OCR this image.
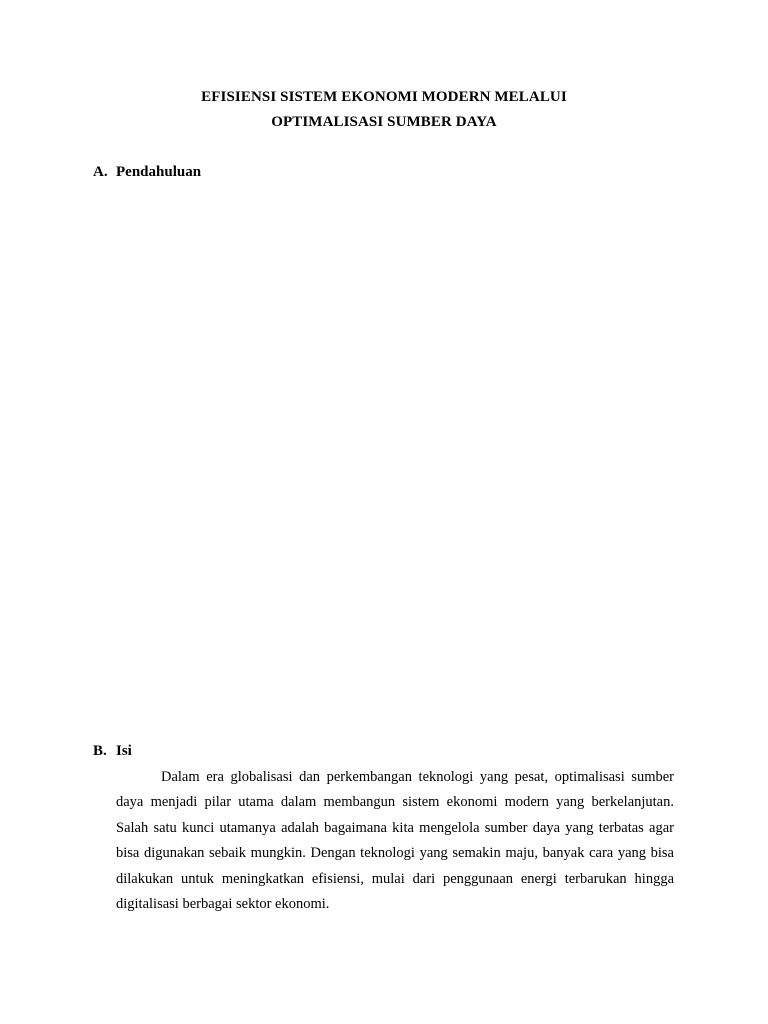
EFISIENSI SISTEM EKONOMI MODERN MELALUI
OPTIMALISASI SUMBER DAYA
A. Pendahuluan
B. Isi

Dalam era globalisasi dan perkembangan teknologi yang pesat, optimalisasi sumber daya menjadi pilar utama dalam membangun sistem ekonomi modern yang berkelanjutan. Salah satu kunci utamanya adalah bagaimana kita mengelola sumber daya yang terbatas agar bisa digunakan sebaik mungkin. Dengan teknologi yang semakin maju, banyak cara yang bisa dilakukan untuk meningkatkan efisiensi, mulai dari penggunaan energi terbarukan hingga digitalisasi berbagai sektor ekonomi.
